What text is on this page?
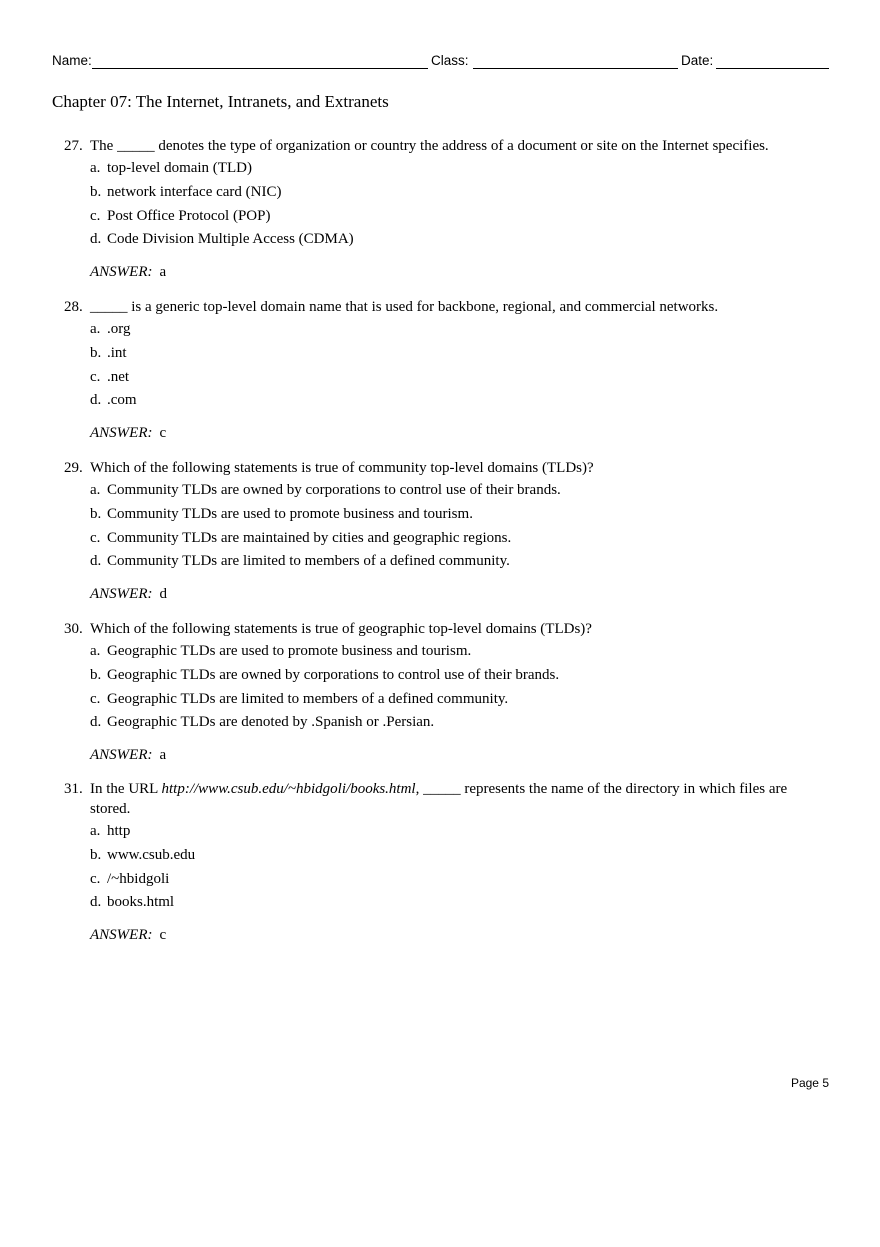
Name:	Class:	Date:
Chapter 07: The Internet, Intranets, and Extranets
27. The _____ denotes the type of organization or country the address of a document or site on the Internet specifies.
a. top-level domain (TLD)
b. network interface card (NIC)
c. Post Office Protocol (POP)
d. Code Division Multiple Access (CDMA)
ANSWER: a
28. _____ is a generic top-level domain name that is used for backbone, regional, and commercial networks.
a. .org
b. .int
c. .net
d. .com
ANSWER: c
29. Which of the following statements is true of community top-level domains (TLDs)?
a. Community TLDs are owned by corporations to control use of their brands.
b. Community TLDs are used to promote business and tourism.
c. Community TLDs are maintained by cities and geographic regions.
d. Community TLDs are limited to members of a defined community.
ANSWER: d
30. Which of the following statements is true of geographic top-level domains (TLDs)?
a. Geographic TLDs are used to promote business and tourism.
b. Geographic TLDs are owned by corporations to control use of their brands.
c. Geographic TLDs are limited to members of a defined community.
d. Geographic TLDs are denoted by .Spanish or .Persian.
ANSWER: a
31. In the URL http://www.csub.edu/~hbidgoli/books.html, _____ represents the name of the directory in which files are stored.
a. http
b. www.csub.edu
c. /~hbidgoli
d. books.html
ANSWER: c
Page 5
